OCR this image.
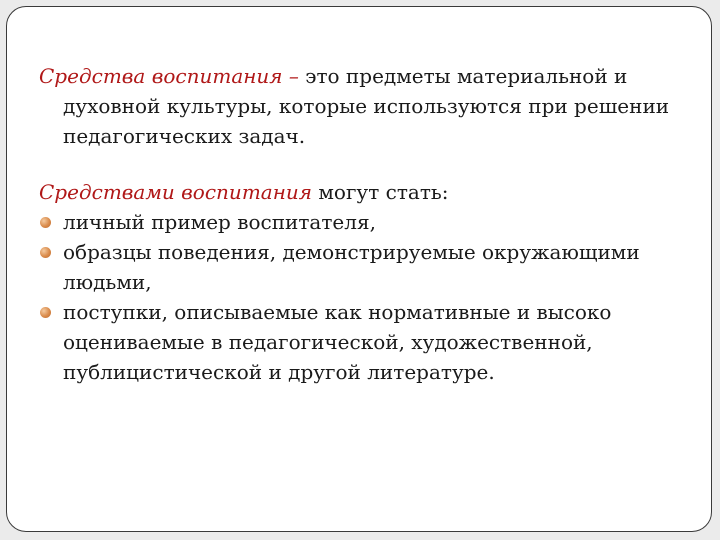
Средства воспитания – это предметы материальной и духовной культуры, которые используются при решении педагогических задач.

Средствами воспитания могут стать:

личный пример воспитателя,
образцы поведения, демонстрируемые окружающими людьми,
поступки, описываемые как нормативные и высоко оцениваемые в педагогической, художественной, публицистической и другой литературе.
